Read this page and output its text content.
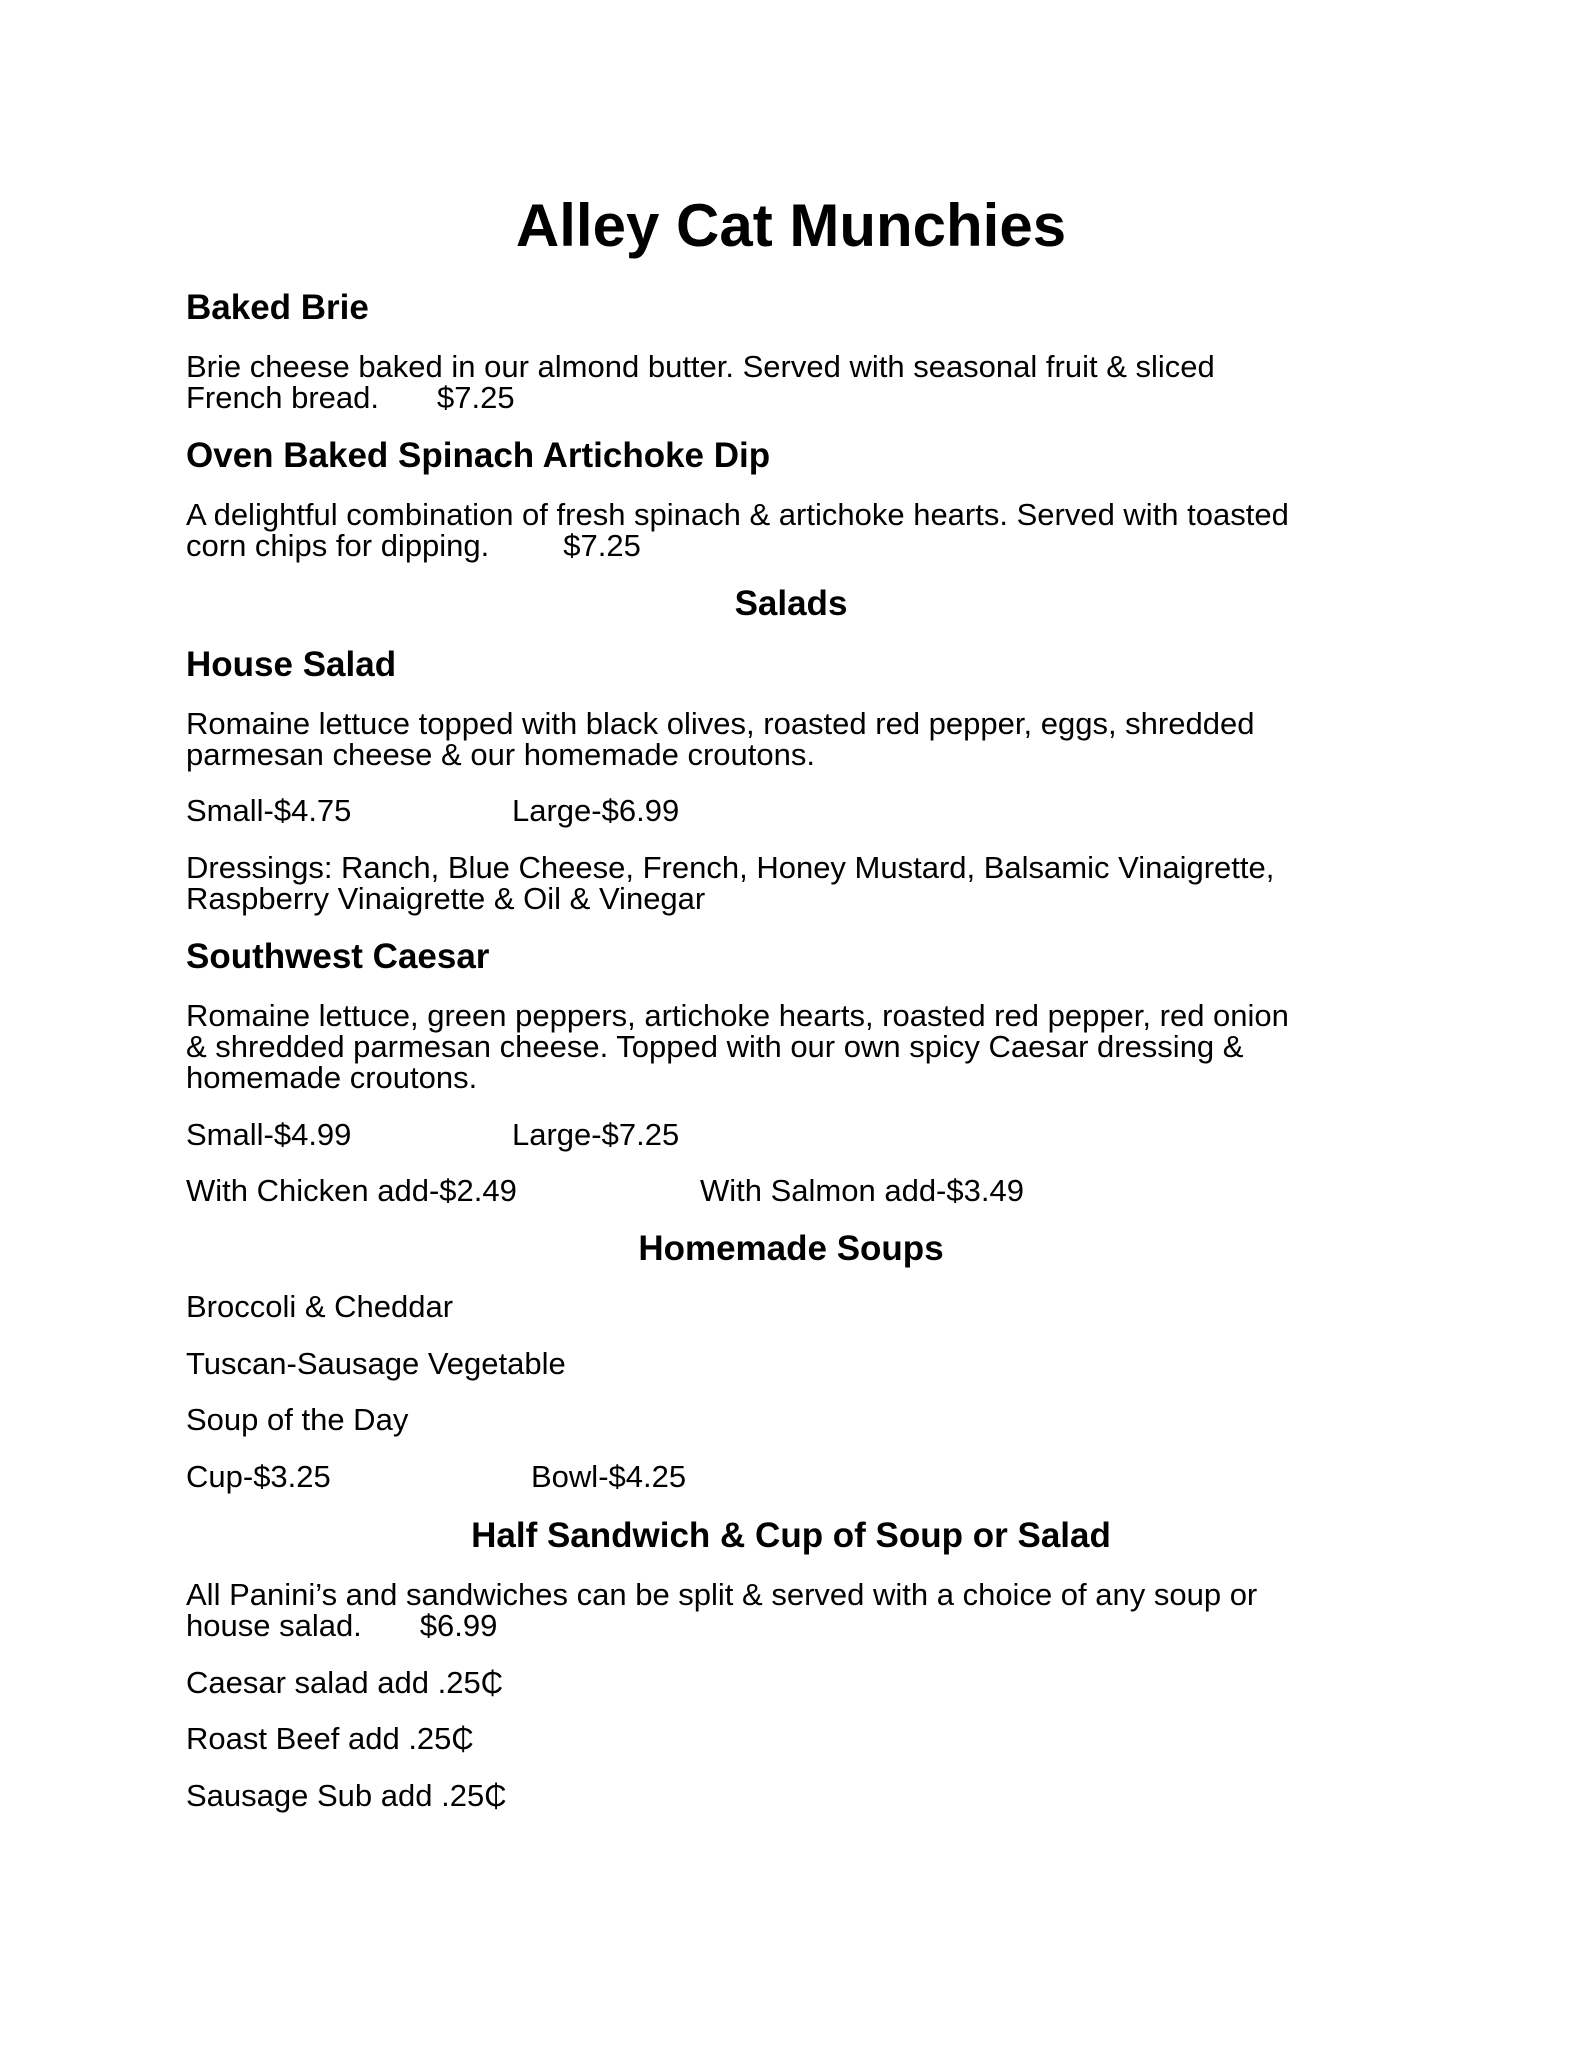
Alley Cat Munchies
Baked Brie
Brie cheese baked in our almond butter. Served with seasonal fruit & sliced
French bread. $7.25
Oven Baked Spinach Artichoke Dip
A delightful combination of fresh spinach & artichoke hearts. Served with toasted
corn chips for dipping. $7.25
Salads
House Salad
Romaine lettuce topped with black olives, roasted red pepper, eggs, shredded
parmesan cheese & our homemade croutons.
Small-$4.75	Large-$6.99
Dressings: Ranch, Blue Cheese, French, Honey Mustard, Balsamic Vinaigrette,
Raspberry Vinaigrette & Oil & Vinegar
Southwest Caesar
Romaine lettuce, green peppers, artichoke hearts, roasted red pepper, red onion
& shredded parmesan cheese. Topped with our own spicy Caesar dressing &
homemade croutons.
Small-$4.99	Large-$7.25
With Chicken add-$2.49	With Salmon add-$3.49
Homemade Soups
Broccoli & Cheddar
Tuscan-Sausage Vegetable
Soup of the Day
Cup-$3.25	Bowl-$4.25
Half Sandwich & Cup of Soup or Salad
All Panini’s and sandwiches can be split & served with a choice of any soup or
house salad. $6.99
Caesar salad add .25₵
Roast Beef add .25₵
Sausage Sub add .25₵
